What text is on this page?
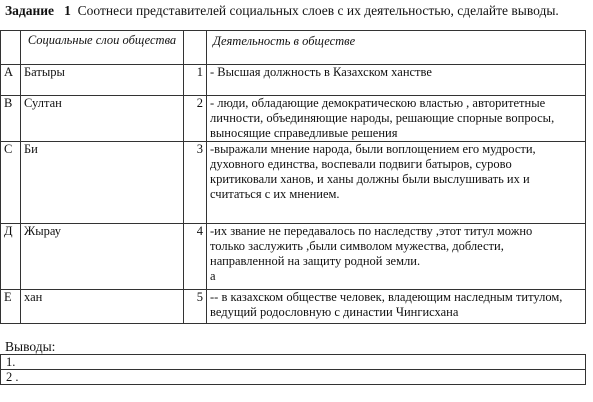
Задание 1 Соотнеси представителей социальных слоев с их деятельностью, сделайте выводы.
	Социальные слои общества		Деятельность в обществе
А	Батыры	1	- Высшая должность в Казахском ханстве
В	Султан	2	- люди, обладающие демократическою властью , авторитетные личности, объединяющие народы, решающие спорные вопросы, выносящие справедливые решения
С	Би	3	-выражали мнение народа, были воплощением его мудрости, духовного единства, воспевали подвиги батыров, сурово критиковали ханов, и ханы должны были выслушивать их и считаться с их мнением.
Д	Жырау	4	-их звание не передавалось по наследству ,этот титул можно только заслужить ,были символом мужества, доблести, направленной на защиту родной земли.
а

Е	хан	5	-- в казахском обществе человек, владеющим наследным титулом, ведущий родословную с династии Чингисхана
Выводы:
1.
2 .
